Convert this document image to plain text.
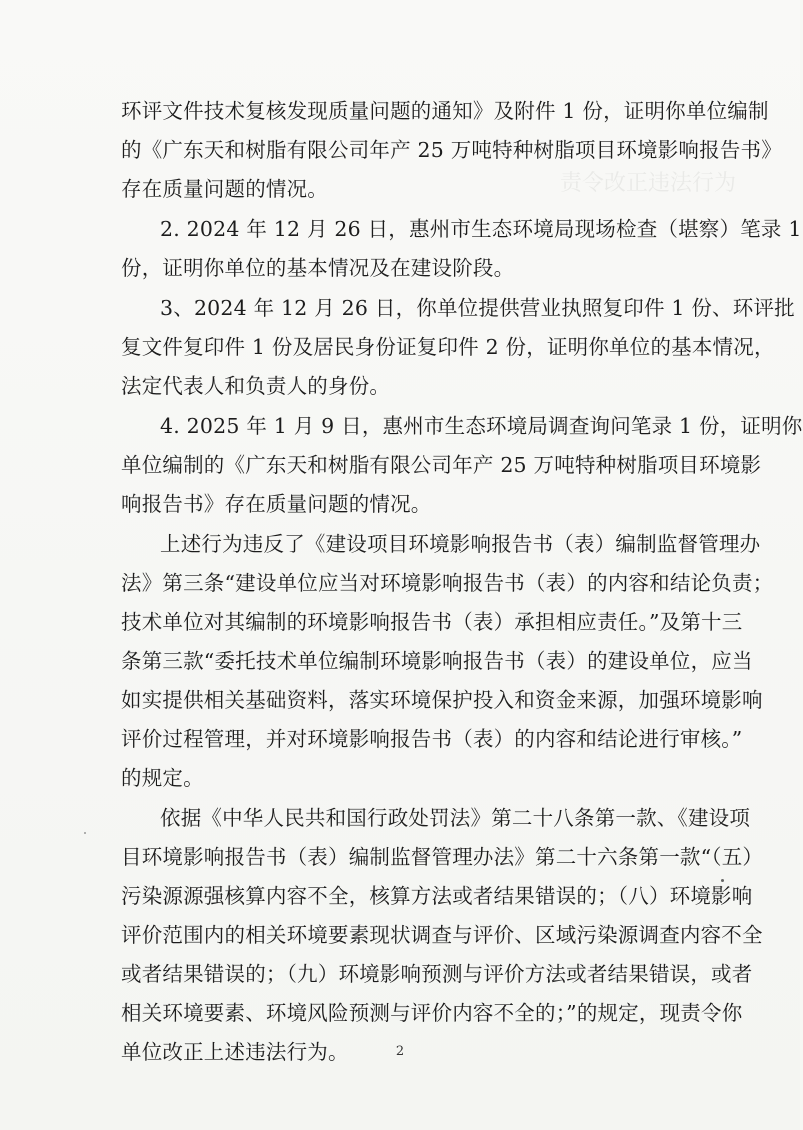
责令改正违法行为
环评文件技术复核发现质量问题的通知》及附件 1 份，证明你单位编制
的《广东天和树脂有限公司年产 25 万吨特种树脂项目环境影响报告书》
存在质量问题的情况。
2. 2024 年 12 月 26 日，惠州市生态环境局现场检查（堪察）笔录 1
份，证明你单位的基本情况及在建设阶段。
3、2024 年 12 月 26 日，你单位提供营业执照复印件 1 份、环评批
复文件复印件 1 份及居民身份证复印件 2 份，证明你单位的基本情况，
法定代表人和负责人的身份。
4. 2025 年 1 月 9 日，惠州市生态环境局调查询问笔录 1 份，证明你
单位编制的《广东天和树脂有限公司年产 25 万吨特种树脂项目环境影
响报告书》存在质量问题的情况。
上述行为违反了《建设项目环境影响报告书（表）编制监督管理办
法》第三条“建设单位应当对环境影响报告书（表）的内容和结论负责；
技术单位对其编制的环境影响报告书（表）承担相应责任。”及第十三
条第三款“委托技术单位编制环境影响报告书（表）的建设单位，应当
如实提供相关基础资料，落实环境保护投入和资金来源，加强环境影响
评价过程管理，并对环境影响报告书（表）的内容和结论进行审核。”
的规定。
依据《中华人民共和国行政处罚法》第二十八条第一款、《建设项
目环境影响报告书（表）编制监督管理办法》第二十六条第一款“（五）
污染源源强核算内容不全，核算方法或者结果错误的；（八）环境影响
评价范围内的相关环境要素现状调查与评价、区域污染源调查内容不全
或者结果错误的；（九）环境影响预测与评价方法或者结果错误，或者
相关环境要素、环境风险预测与评价内容不全的；”的规定，现责令你
单位改正上述违法行为。	2
